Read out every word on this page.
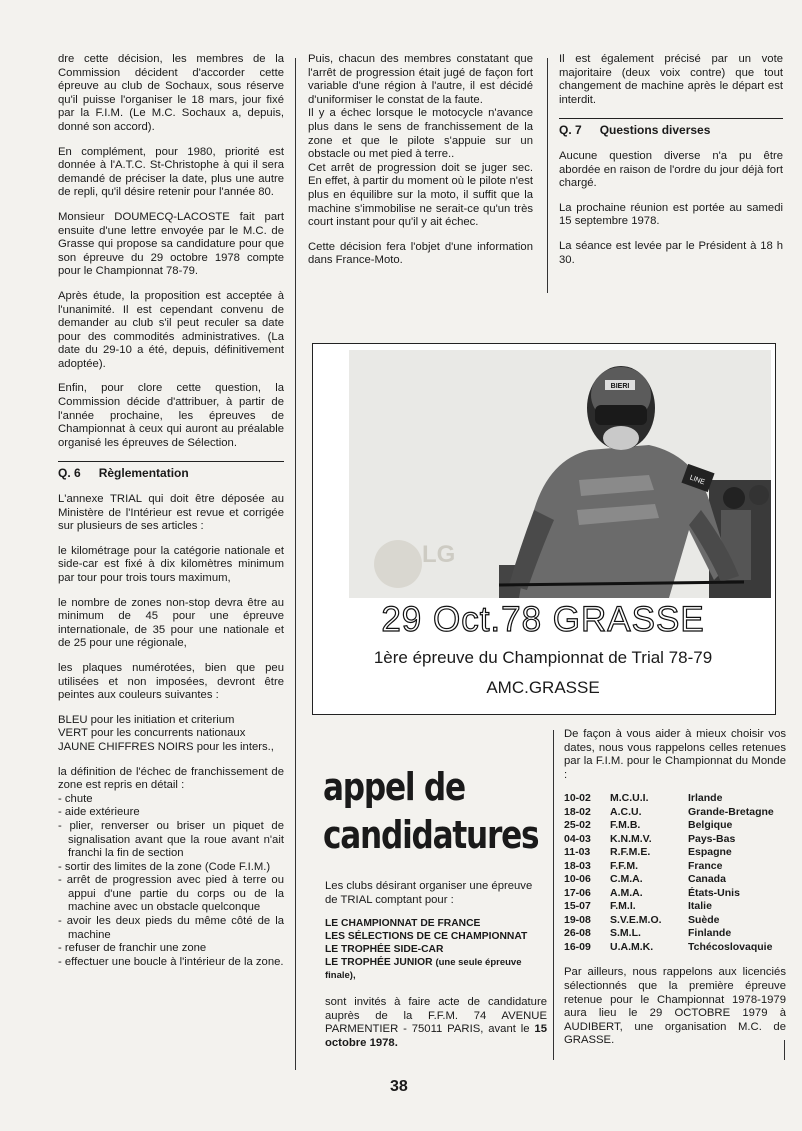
dre cette décision, les membres de la Commission décident d'accorder cette épreuve au club de Sochaux, sous réserve qu'il puisse l'organiser le 18 mars, jour fixé par la F.I.M. (Le M.C. Sochaux a, depuis, donné son accord).

En complément, pour 1980, priorité est donnée à l'A.T.C. St-Christophe à qui il sera demandé de préciser la date, plus une autre de repli, qu'il désire retenir pour l'année 80.

Monsieur DOUMECQ-LACOSTE fait part ensuite d'une lettre envoyée par le M.C. de Grasse qui propose sa candidature pour que son épreuve du 29 octobre 1978 compte pour le Championnat 78-79.

Après étude, la proposition est acceptée à l'unanimité. Il est cependant convenu de demander au club s'il peut reculer sa date pour des commodités administratives. (La date du 29-10 a été, depuis, définitivement adoptée).

Enfin, pour clore cette question, la Commission décide d'attribuer, à partir de l'année prochaine, les épreuves de Championnat à ceux qui auront au préalable organisé les épreuves de Sélection.

Q. 6 Règlementation

L'annexe TRIAL qui doit être déposée au Ministère de l'Intérieur est revue et corrigée sur plusieurs de ses articles :

le kilométrage pour la catégorie nationale et side-car est fixé à dix kilomètres minimum par tour pour trois tours maximum,

le nombre de zones non-stop devra être au minimum de 45 pour une épreuve internationale, de 35 pour une nationale et de 25 pour une régionale,

les plaques numérotées, bien que peu utilisées et non imposées, devront être peintes aux couleurs suivantes :

BLEU pour les initiation et criterium
VERT pour les concurrents nationaux
JAUNE CHIFFRES NOIRS pour les inters.,

la définition de l'échec de franchissement de zone est repris en détail :

- chute
- aide extérieure
- plier, renverser ou briser un piquet de signalisation avant que la roue avant n'ait franchi la fin de section
- sortir des limites de la zone (Code F.I.M.)
- arrêt de progression avec pied à terre ou appui d'une partie du corps ou de la machine avec un obstacle quelconque
- avoir les deux pieds du même côté de la machine
- refuser de franchir une zone
- effectuer une boucle à l'intérieur de la zone.

Puis, chacun des membres constatant que l'arrêt de progression était jugé de façon fort variable d'une région à l'autre, il est décidé d'uniformiser le constat de la faute.

Il y a échec lorsque le motocycle n'avance plus dans le sens de franchissement de la zone et que le pilote s'appuie sur un obstacle ou met pied à terre..

Cet arrêt de progression doit se juger sec. En effet, à partir du moment où le pilote n'est plus en équilibre sur la moto, il suffit que la machine s'immobilise ne serait-ce qu'un très court instant pour qu'il y ait échec.

Cette décision fera l'objet d'une information dans France-Moto.

Il est également précisé par un vote majoritaire (deux voix contre) que tout changement de machine après le départ est interdit.

Q. 7 Questions diverses

Aucune question diverse n'a pu être abordée en raison de l'ordre du jour déjà fort chargé.

La prochaine réunion est portée au samedi 15 septembre 1978.

La séance est levée par le Président à 18 h 30.

BIERI
LINE
29 Oct.78 GRASSE
1ère épreuve du Championnat de Trial 78-79
AMC.GRASSE
LG
appel de
candidatures
Les clubs désirant organiser une épreuve de TRIAL comptant pour :
LE CHAMPIONNAT DE FRANCE
LES SÉLECTIONS DE CE CHAMPIONNAT
LE TROPHÉE SIDE-CAR
LE TROPHÉE JUNIOR (une seule épreuve finale),
sont invités à faire acte de candidature auprès de la F.F.M. 74 AVENUE PARMENTIER - 75011 PARIS, avant le 15 octobre 1978.

De façon à vous aider à mieux choisir vos dates, nous vous rappelons celles retenues par la F.I.M. pour le Championnat du Monde :

10-02	M.C.U.I.	Irlande
18-02	A.C.U.	Grande-Bretagne
25-02	F.M.B.	Belgique
04-03	K.N.M.V.	Pays-Bas
11-03	R.F.M.E.	Espagne
18-03	F.F.M.	France
10-06	C.M.A.	Canada
17-06	A.M.A.	États-Unis
15-07	F.M.I.	Italie
19-08	S.V.E.M.O.	Suède
26-08	S.M.L.	Finlande
16-09	U.A.M.K.	Tchécoslovaquie

Par ailleurs, nous rappelons aux licenciés sélectionnés que la première épreuve retenue pour le Championnat 1978-1979 aura lieu le 29 OCTOBRE 1979 à AUDIBERT, une organisation M.C. de GRASSE.

38
